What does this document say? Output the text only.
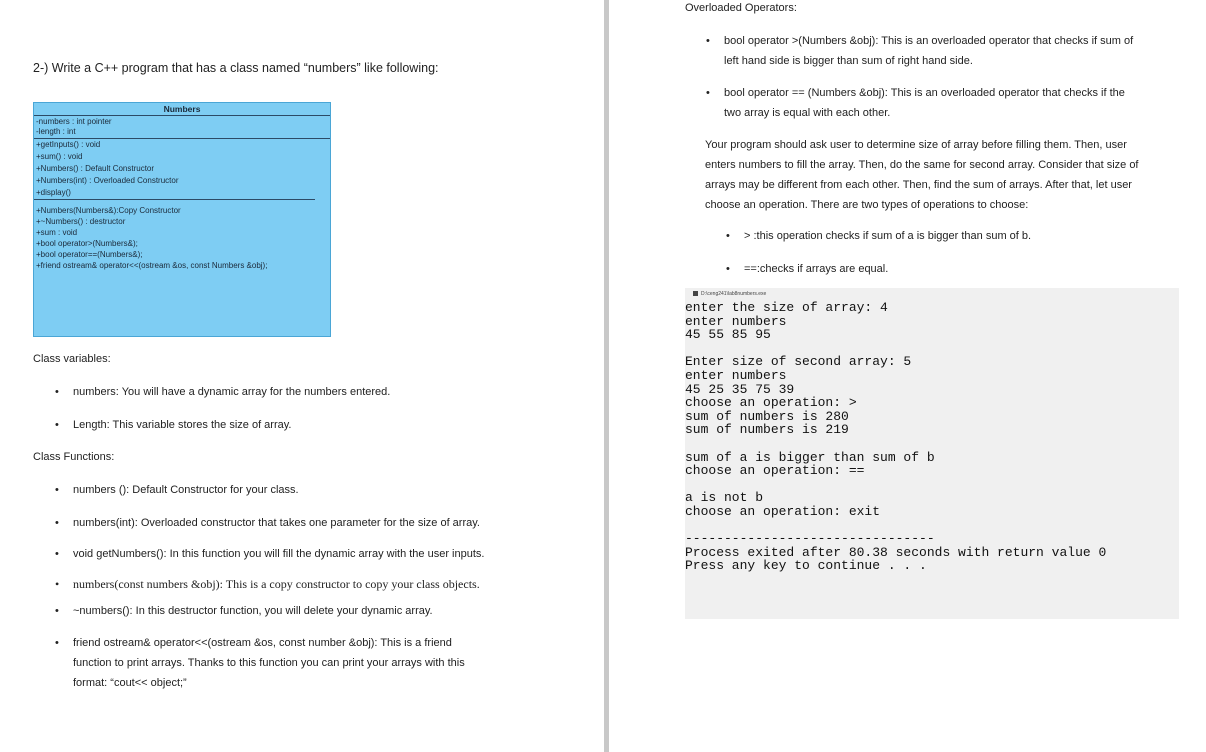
2-) Write a C++ program that has a class named “numbers” like following:
Numbers
-numbers : int pointer
-length : int
+getInputs() : void
+sum() : void
+Numbers() : Default Constructor
+Numbers(int) : Overloaded Constructor
+display()
+Numbers(Numbers&):Copy Constructor
+~Numbers() : destructor
+sum : void
+bool operator>(Numbers&);
+bool operator==(Numbers&);
+friend ostream& operator<<(ostream &os, const Numbers &obj);
Class variables:
• numbers: You will have a dynamic array for the numbers entered.
• Length: This variable stores the size of array.
Class Functions:
• numbers (): Default Constructor for your class.
• numbers(int): Overloaded constructor that takes one parameter for the size of array.
• void getNumbers(): In this function you will fill the dynamic array with the user inputs.
• numbers(const numbers &obj): This is a copy constructor to copy your class objects.
• ~numbers(): In this destructor function, you will delete your dynamic array.
• friend ostream& operator<<(ostream &os, const number &obj): This is a friend
function to print arrays. Thanks to this function you can print your arrays with this
format: “cout<< object;”
Overloaded Operators:
• bool operator >(Numbers &obj): This is an overloaded operator that checks if sum of
left hand side is bigger than sum of right hand side.
• bool operator == (Numbers &obj): This is an overloaded operator that checks if the
two array is equal with each other.
Your program should ask user to determine size of array before filling them. Then, user
enters numbers to fill the array. Then, do the same for second array. Consider that size of
arrays may be different from each other. Then, find the sum of arrays. After that, let user
choose an operation. There are two types of operations to choose:
• > :this operation checks if sum of a is bigger than sum of b.
• ==:checks if arrays are equal.
D:\ceng241\lab8numbers.exe
enter the size of array: 4
enter numbers
45 55 85 95
Enter size of second array: 5
enter numbers
45 25 35 75 39
choose an operation: >
sum of numbers is 280
sum of numbers is 219
sum of a is bigger than sum of b
choose an operation: ==
a is not b
choose an operation: exit
--------------------------------
Process exited after 80.38 seconds with return value 0
Press any key to continue . . .
